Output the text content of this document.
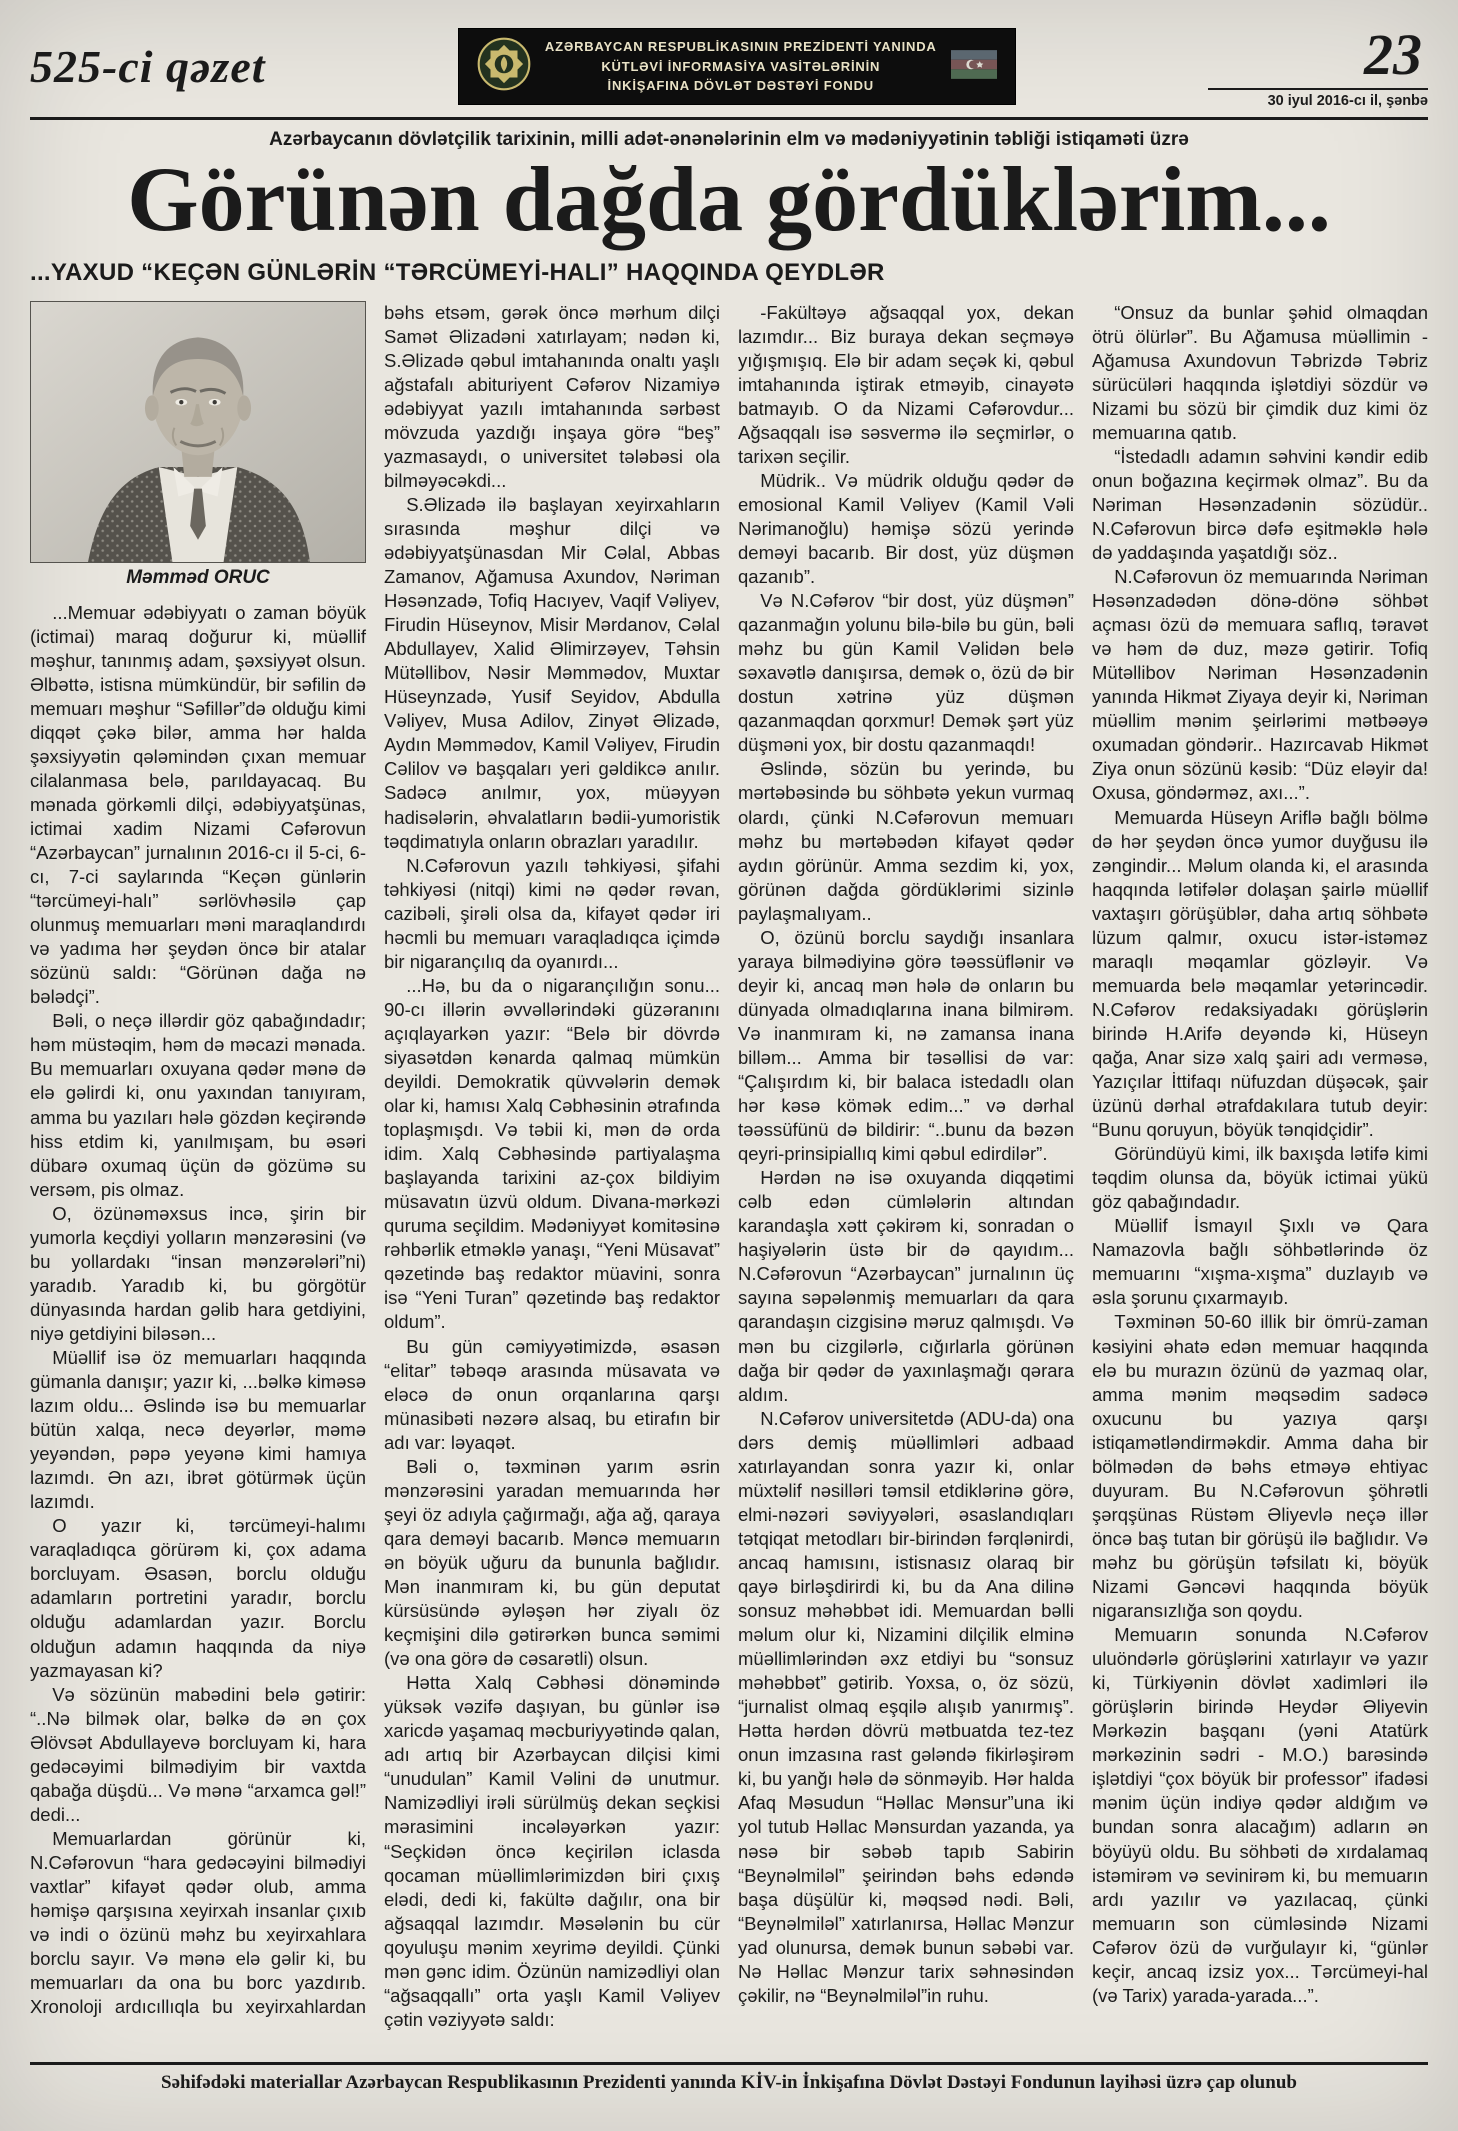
525-ci qəzet	AZƏRBAYCAN RESPUBLİKASININ PREZİDENTİ YANINDA
KÜTLƏVİ İNFORMASİYA VASİTƏLƏRİNİN
İNKİŞAFINA DÖVLƏT DƏSTƏYİ FONDU	23
30 iyul 2016-cı il, şənbə
Azərbaycanın dövlətçilik tarixinin, milli adət-ənənələrinin elm və mədəniyyətinin təbliği istiqaməti üzrə
Görünən dağda gördüklərim...
...YAXUD “KEÇƏN GÜNLƏRİN “TƏRCÜMEYİ-HALI” HAQQINDA QEYDLƏR
Məmməd ORUC

...Memuar ədəbiyyatı o zaman böyük (ictimai) maraq doğurur ki, müəllif məşhur, tanınmış adam, şəxsiyyət olsun. Əlbəttə, istisna mümkündür, bir səfilin də memuarı məşhur “Səfillər”də olduğu kimi diqqət çəkə bilər, amma hər halda şəxsiyyətin qələmindən çıxan memuar cilalanmasa belə, parıldayacaq. Bu mənada görkəmli dilçi, ədəbiyyatşünas, ictimai xadim Nizami Cəfərovun “Azərbaycan” jurnalının 2016-cı il 5-ci, 6-cı, 7-ci saylarında “Keçən günlərin “tərcümeyi-halı” sərlövhəsilə çap olunmuş memuarları məni maraqlandırdı və yadıma hər şeydən öncə bir atalar sözünü saldı: “Görünən dağa nə bələdçi”.

Bəli, o neçə illərdir göz qabağındadır; həm müstəqim, həm də məcazi mənada. Bu memuarları oxuyana qədər mənə də elə gəlirdi ki, onu yaxından tanıyıram, amma bu yazıları hələ gözdən keçirəndə hiss etdim ki, yanılmışam, bu əsəri dübarə oxumaq üçün də gözümə su versəm, pis olmaz.

O, özünəməxsus incə, şirin bir yumorla keçdiyi yolların mənzərəsini (və bu yollardakı “insan mənzərələri”ni) yaradıb. Yaradıb ki, bu görgötür dünyasında hardan gəlib hara getdiyini, niyə getdiyini biləsən...

Müəllif isə öz memuarları haqqında gümanla danışır; yazır ki, ...bəlkə kiməsə lazım oldu... Əslində isə bu memuarlar bütün xalqa, necə deyərlər, məmə yeyəndən, pəpə yeyənə kimi hamıya lazımdı. Ən azı, ibrət götürmək üçün lazımdı.

O yazır ki, tərcümeyi-halımı varaqladıqca görürəm ki, çox adama borcluyam. Əsasən, borclu olduğu adamların portretini yaradır, borclu olduğu adamlardan yazır. Borclu olduğun adamın haqqında da niyə yazmayasan ki?

Və sözünün mabədini belə gətirir: “..Nə bilmək olar, bəlkə də ən çox Əlövsət Abdullayevə borcluyam ki, hara gedəcəyimi bilmədiyim bir vaxtda qabağa düşdü... Və mənə “arxamca gəl!” dedi...

Memuarlardan görünür ki, N.Cəfərovun “hara gedəcəyini bilmədiyi vaxtlar” kifayət qədər olub, amma həmişə qarşısına xeyirxah insanlar çıxıb və indi o özünü məhz bu xeyirxahlara borclu sayır. Və mənə elə gəlir ki, bu memuarları da ona bu borc yazdırıb. Xronoloji ardıcıllıqla bu xeyirxahlardan bəhs etsəm, gərək öncə mərhum dilçi Samət Əlizadəni xatırlayam; nədən ki, S.Əlizadə qəbul imtahanında onaltı yaşlı ağstafalı abituriyent Cəfərov Nizamiyə ədəbiyyat yazılı imtahanında sərbəst mövzuda yazdığı inşaya görə “beş” yazmasaydı, o universitet tələbəsi ola bilməyəcəkdi...

S.Əlizadə ilə başlayan xeyirxahların sırasında məşhur dilçi və ədəbiyyatşünasdan Mir Cəlal, Abbas Zamanov, Ağamusa Axundov, Nəriman Həsənzadə, Tofiq Hacıyev, Vaqif Vəliyev, Firudin Hüseynov, Misir Mərdanov, Cəlal Abdullayev, Xalid Əlimirzəyev, Təhsin Mütəllibov, Nəsir Məmmədov, Muxtar Hüseynzadə, Yusif Seyidov, Abdulla Vəliyev, Musa Adilov, Zinyət Əlizadə, Aydın Məmmədov, Kamil Vəliyev, Firudin Cəlilov və başqaları yeri gəldikcə anılır. Sadəcə anılmır, yox, müəyyən hadisələrin, əhvalatların bədii-yumoristik təqdimatıyla onların obrazları yaradılır.

N.Cəfərovun yazılı təhkiyəsi, şifahi təhkiyəsi (nitqi) kimi nə qədər rəvan, cazibəli, şirəli olsa da, kifayət qədər iri həcmli bu memuarı varaqladıqca içimdə bir nigarançılıq da oyanırdı...

...Hə, bu da o nigarançılığın sonu... 90-cı illərin əvvəllərindəki güzəranını açıqlayarkən yazır: “Belə bir dövrdə siyasətdən kənarda qalmaq mümkün deyildi. Demokratik qüvvələrin demək olar ki, hamısı Xalq Cəbhəsinin ətrafında toplaşmışdı. Və təbii ki, mən də orda idim. Xalq Cəbhəsində partiyalaşma başlayanda tarixini az-çox bildiyim müsavatın üzvü oldum. Divana-mərkəzi quruma seçildim. Mədəniyyət komitəsinə rəhbərlik etməklə yanaşı, “Yeni Müsavat” qəzetində baş redaktor müavini, sonra isə “Yeni Turan” qəzetində baş redaktor oldum”.

Bu gün cəmiyyətimizdə, əsasən “elitar” təbəqə arasında müsavata və eləcə də onun orqanlarına qarşı münasibəti nəzərə alsaq, bu etirafın bir adı var: ləyaqət.

Bəli o, təxminən yarım əsrin mənzərəsini yaradan memuarında hər şeyi öz adıyla çağırmağı, ağa ağ, qaraya qara deməyi bacarıb. Məncə memuarın ən böyük uğuru da bununla bağlıdır. Mən inanmıram ki, bu gün deputat kürsüsündə əyləşən hər ziyalı öz keçmişini dilə gətirərkən bunca səmimi (və ona görə də cəsarətli) olsun.

Hətta Xalq Cəbhəsi dönəmində yüksək vəzifə daşıyan, bu günlər isə xaricdə yaşamaq məcburiyyətində qalan, adı artıq bir Azərbaycan dilçisi kimi “unudulan” Kamil Vəlini də unutmur. Namizədliyi irəli sürülmüş dekan seçkisi mərasimini incələyərkən yazır: “Seçkidən öncə keçirilən iclasda qocaman müəllimlərimizdən biri çıxış elədi, dedi ki, fakültə dağılır, ona bir ağsaqqal lazımdır. Məsələnin bu cür qoyuluşu mənim xeyrimə deyildi. Çünki mən gənc idim. Özünün namizədliyi olan “ağsaqqallı” orta yaşlı Kamil Vəliyev çətin vəziyyətə saldı:

-Fakültəyə ağsaqqal yox, dekan lazımdır... Biz buraya dekan seçməyə yığışmışıq. Elə bir adam seçək ki, qəbul imtahanında iştirak etməyib, cinayətə batmayıb. O da Nizami Cəfərovdur... Ağsaqqalı isə səsvermə ilə seçmirlər, o tarixən seçilir.

Müdrik.. Və müdrik olduğu qədər də emosional Kamil Vəliyev (Kamil Vəli Nərimanoğlu) həmişə sözü yerində deməyi bacarıb. Bir dost, yüz düşmən qazanıb”.

Və N.Cəfərov “bir dost, yüz düşmən” qazanmağın yolunu bilə-bilə bu gün, bəli məhz bu gün Kamil Vəlidən belə səxavətlə danışırsa, demək o, özü də bir dostun xətrinə yüz düşmən qazanmaqdan qorxmur! Demək şərt yüz düşməni yox, bir dostu qazanmaqdı!

Əslində, sözün bu yerində, bu mərtəbəsində bu söhbətə yekun vurmaq olardı, çünki N.Cəfərovun memuarı məhz bu mərtəbədən kifayət qədər aydın görünür. Amma sezdim ki, yox, görünən dağda gördüklərimi sizinlə paylaşmalıyam..

O, özünü borclu saydığı insanlara yaraya bilmədiyinə görə təəssüflənir və deyir ki, ancaq mən hələ də onların bu dünyada olmadıqlarına inana bilmirəm. Və inanmıram ki, nə zamansa inana billəm... Amma bir təsəllisi də var: “Çalışırdım ki, bir balaca istedadlı olan hər kəsə kömək edim...” və dərhal təəssüfünü də bildirir: “..bunu da bəzən qeyri-prinsipiallıq kimi qəbul edirdilər”.

Hərdən nə isə oxuyanda diqqətimi cəlb edən cümlələrin altından karandaşla xətt çəkirəm ki, sonradan o haşiyələrin üstə bir də qayıdım... N.Cəfərovun “Azərbaycan” jurnalının üç sayına səpələnmiş memuarları da qara qarandaşın cizgisinə məruz qalmışdı. Və mən bu cizgilərlə, cığırlarla görünən dağa bir qədər də yaxınlaşmağı qərara aldım.

N.Cəfərov universitetdə (ADU-da) ona dərs demiş müəllimləri adbaad xatırlayandan sonra yazır ki, onlar müxtəlif nəsilləri təmsil etdiklərinə görə, elmi-nəzəri səviyyələri, əsaslandıqları tətqiqat metodları bir-birindən fərqlənirdi, ancaq hamısını, istisnasız olaraq bir qayə birləşdirirdi ki, bu da Ana dilinə sonsuz məhəbbət idi. Memuardan bəlli məlum olur ki, Nizamini dilçilik elminə müəllimlərindən əxz etdiyi bu “sonsuz məhəbbət” gətirib. Yoxsa, o, öz sözü, “jurnalist olmaq eşqilə alışıb yanırmış”. Hətta hərdən dövrü mətbuatda tez-tez onun imzasına rast gələndə fikirləşirəm ki, bu yanğı hələ də sönməyib. Hər halda Afaq Məsudun “Həllac Mənsur”una iki yol tutub Həllac Mənsurdan yazanda, ya nəsə bir səbəb tapıb Sabirin “Beynəlmiləl” şeirindən bəhs edəndə başa düşülür ki, məqsəd nədi. Bəli, “Beynəlmiləl” xatırlanırsa, Həllac Mənzur yad olunursa, demək bunun səbəbi var. Nə Həllac Mənzur tarix səhnəsindən çəkilir, nə “Beynəlmiləl”in ruhu.

“Onsuz da bunlar şəhid olmaqdan ötrü ölürlər”. Bu Ağamusa müəllimin - Ağamusa Axundovun Təbrizdə Təbriz sürücüləri haqqında işlətdiyi sözdür və Nizami bu sözü bir çimdik duz kimi öz memuarına qatıb.

“İstedadlı adamın səhvini kəndir edib onun boğazına keçirmək olmaz”. Bu da Nəriman Həsənzadənin sözüdür.. N.Cəfərovun bircə dəfə eşitməklə hələ də yaddaşında yaşatdığı söz..

N.Cəfərovun öz memuarında Nəriman Həsənzadədən dönə-dönə söhbət açması özü də memuara saflıq, təravət və həm də duz, məzə gətirir. Tofiq Mütəllibov Nəriman Həsənzadənin yanında Hikmət Ziyaya deyir ki, Nəriman müəllim mənim şeirlərimi mətbəəyə oxumadan göndərir.. Hazırcavab Hikmət Ziya onun sözünü kəsib: “Düz eləyir da! Oxusa, göndərməz, axı...”.

Memuarda Hüseyn Ariflə bağlı bölmə də hər şeydən öncə yumor duyğusu ilə zəngindir... Məlum olanda ki, el arasında haqqında lətifələr dolaşan şairlə müəllif vaxtaşırı görüşüblər, daha artıq söhbətə lüzum qalmır, oxucu istər-istəməz maraqlı məqamlar gözləyir. Və memuarda belə məqamlar yetərincədir. N.Cəfərov redaksiyadakı görüşlərin birində H.Arifə deyəndə ki, Hüseyn qağa, Anar sizə xalq şairi adı verməsə, Yazıçılar İttifaqı nüfuzdan düşəcək, şair üzünü dərhal ətrafdakılara tutub deyir: “Bunu qoruyun, böyük tənqidçidir”.

Göründüyü kimi, ilk baxışda lətifə kimi təqdim olunsa da, böyük ictimai yükü göz qabağındadır.

Müəllif İsmayıl Şıxlı və Qara Namazovla bağlı söhbətlərində öz memuarını “xışma-xışma” duzlayıb və əsla şorunu çıxarmayıb.

Təxminən 50-60 illik bir ömrü-zaman kəsiyini əhatə edən memuar haqqında elə bu murazın özünü də yazmaq olar, amma mənim məqsədim sadəcə oxucunu bu yazıya qarşı istiqamətləndirməkdir. Amma daha bir bölmədən də bəhs etməyə ehtiyac duyuram. Bu N.Cəfərovun şöhrətli şərqşünas Rüstəm Əliyevlə neçə illər öncə baş tutan bir görüşü ilə bağlıdır. Və məhz bu görüşün təfsilatı ki, böyük Nizami Gəncəvi haqqında böyük nigaransızlığa son qoydu.

Memuarın sonunda N.Cəfərov uluöndərlə görüşlərini xatırlayır və yazır ki, Türkiyənin dövlət xadimləri ilə görüşlərin birində Heydər Əliyevin Mərkəzin başqanı (yəni Atatürk mərkəzinin sədri - M.O.) barəsində işlətdiyi “çox böyük bir professor” ifadəsi mənim üçün indiyə qədər aldığım və bundan sonra alacağım) adların ən böyüyü oldu. Bu söhbəti də xırdalamaq istəmirəm və sevinirəm ki, bu memuarın ardı yazılır və yazılacaq, çünki memuarın son cümləsində Nizami Cəfərov özü də vurğulayır ki, “günlər keçir, ancaq izsiz yox... Tərcümeyi-hal (və Tarix) yarada-yarada...”.

Səhifədəki materiallar Azərbaycan Respublikasının Prezidenti yanında KİV-in İnkişafına Dövlət Dəstəyi Fondunun layihəsi üzrə çap olunub
